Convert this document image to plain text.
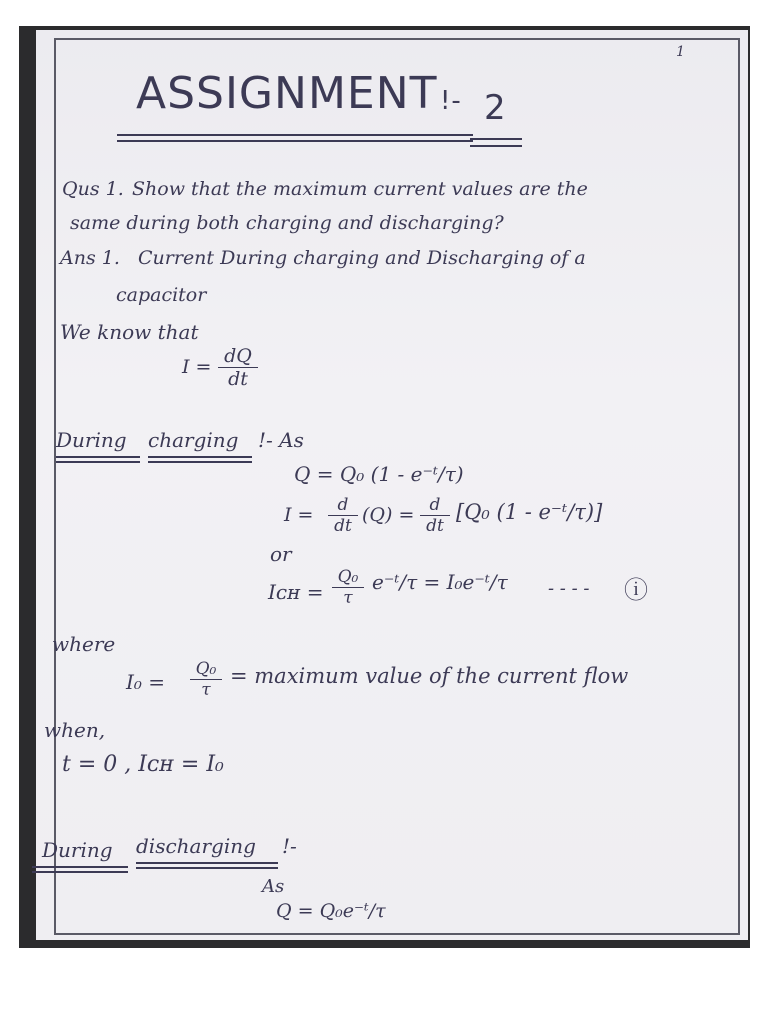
1
ASSIGNMENT !- 2
Qus 1. Show that the maximum current values are the
same during both charging and discharging?
Ans 1. Current During charging and Discharging of a
capacitor
We know that
$I = \frac{dQ}{dt}$
During charging !- As
Q = Q₀ (1 - e⁻ᵗ/τ)
$I = \frac{d}{dt} (Q) = \frac{d}{dt} [Q_0$ (1 - e⁻ᵗ/τ)]
or
Iᴄʜ = $\frac{\text{Q₀}}{\tau}$ e⁻ᵗ/τ = I₀e⁻ᵗ/τ - - - - ⓘ
where
$I_0 = \frac{\text{Q₀}}{\tau}$ = maximum value of the current flow
when,
t = 0 , Iᴄʜ = I₀
During discharging !-
As
Q = Q₀e⁻ᵗ/τ
